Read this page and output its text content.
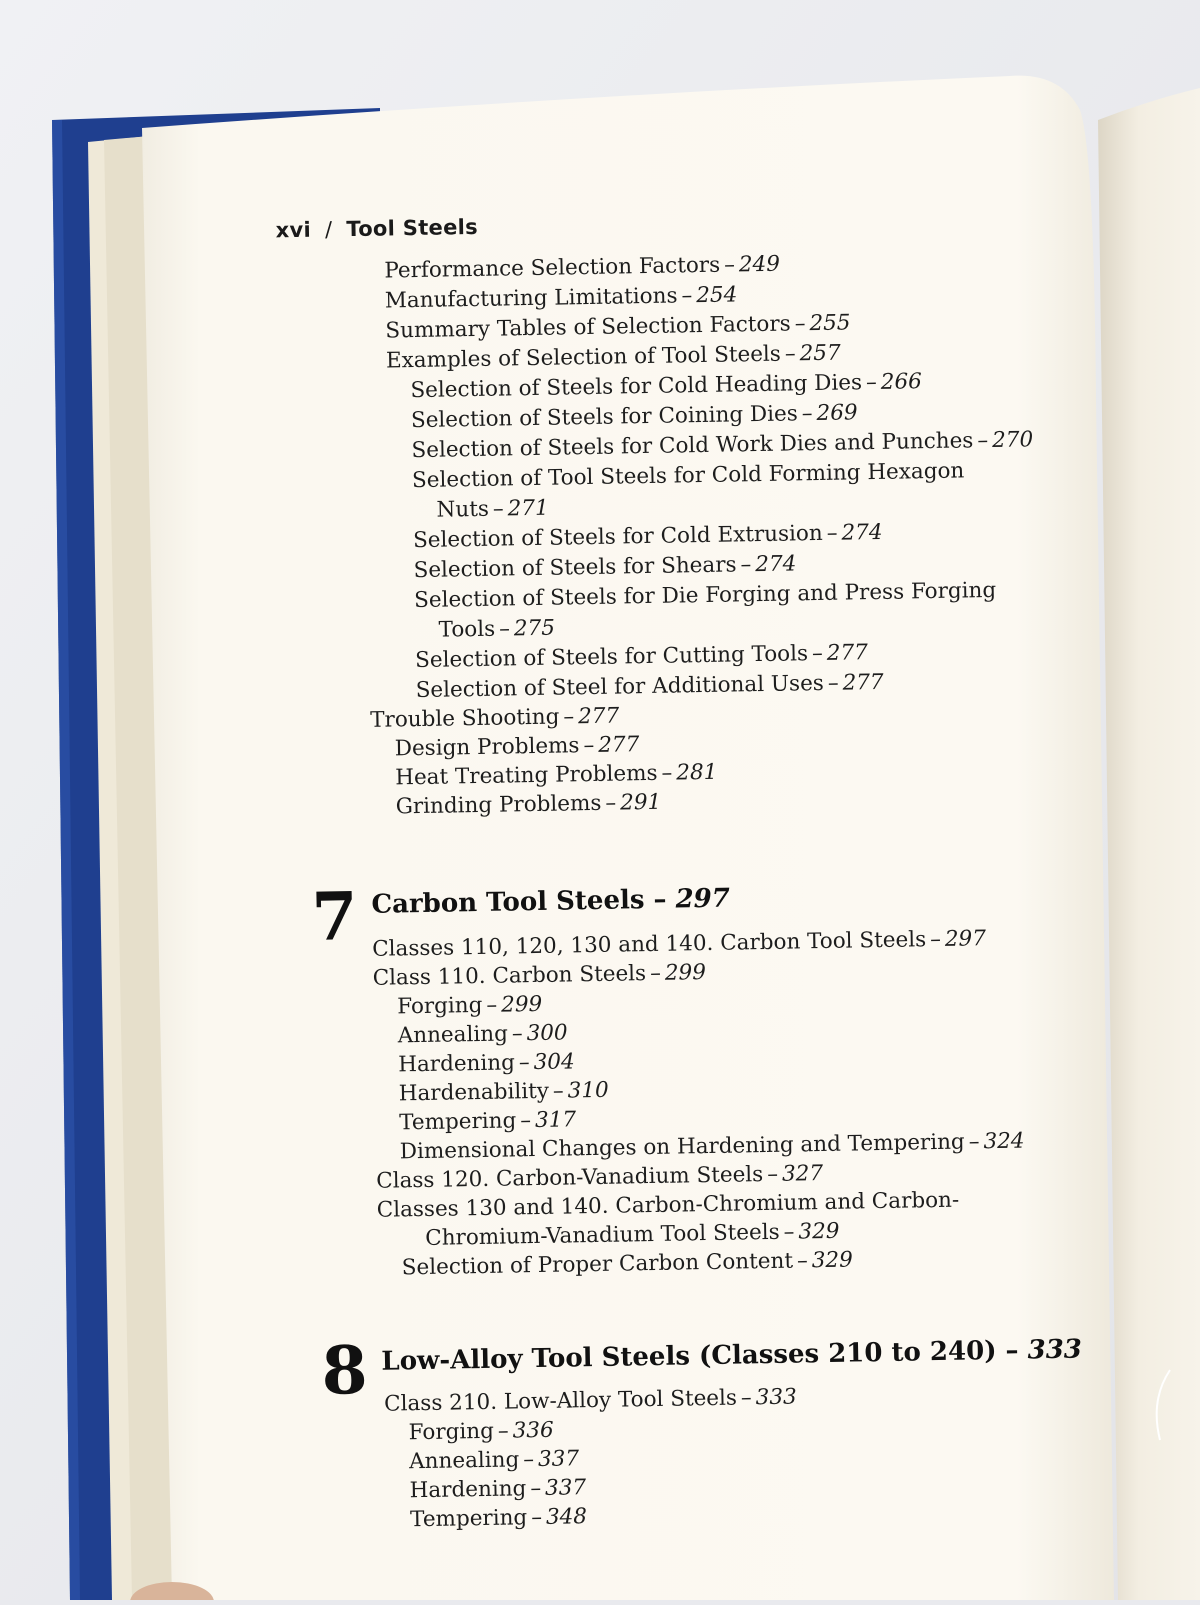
xvi / Tool Steels
Performance Selection Factors – 249
Manufacturing Limitations – 254
Summary Tables of Selection Factors – 255
Examples of Selection of Tool Steels – 257
Selection of Steels for Cold Heading Dies – 266
Selection of Steels for Coining Dies – 269
Selection of Steels for Cold Work Dies and Punches – 270
Selection of Tool Steels for Cold Forming Hexagon
Nuts – 271
Selection of Steels for Cold Extrusion – 274
Selection of Steels for Shears – 274
Selection of Steels for Die Forging and Press Forging
Tools – 275
Selection of Steels for Cutting Tools – 277
Selection of Steel for Additional Uses – 277
Trouble Shooting – 277
Design Problems – 277
Heat Treating Problems – 281
Grinding Problems – 291
7 Carbon Tool Steels – 297
Classes 110, 120, 130 and 140. Carbon Tool Steels – 297
Class 110. Carbon Steels – 299
Forging – 299
Annealing – 300
Hardening – 304
Hardenability – 310
Tempering – 317
Dimensional Changes on Hardening and Tempering – 324
Class 120. Carbon-Vanadium Steels – 327
Classes 130 and 140. Carbon-Chromium and Carbon-
Chromium-Vanadium Tool Steels – 329
Selection of Proper Carbon Content – 329
8 Low-Alloy Tool Steels (Classes 210 to 240) – 333
Class 210. Low-Alloy Tool Steels – 333
Forging – 336
Annealing – 337
Hardening – 337
Tempering – 348
